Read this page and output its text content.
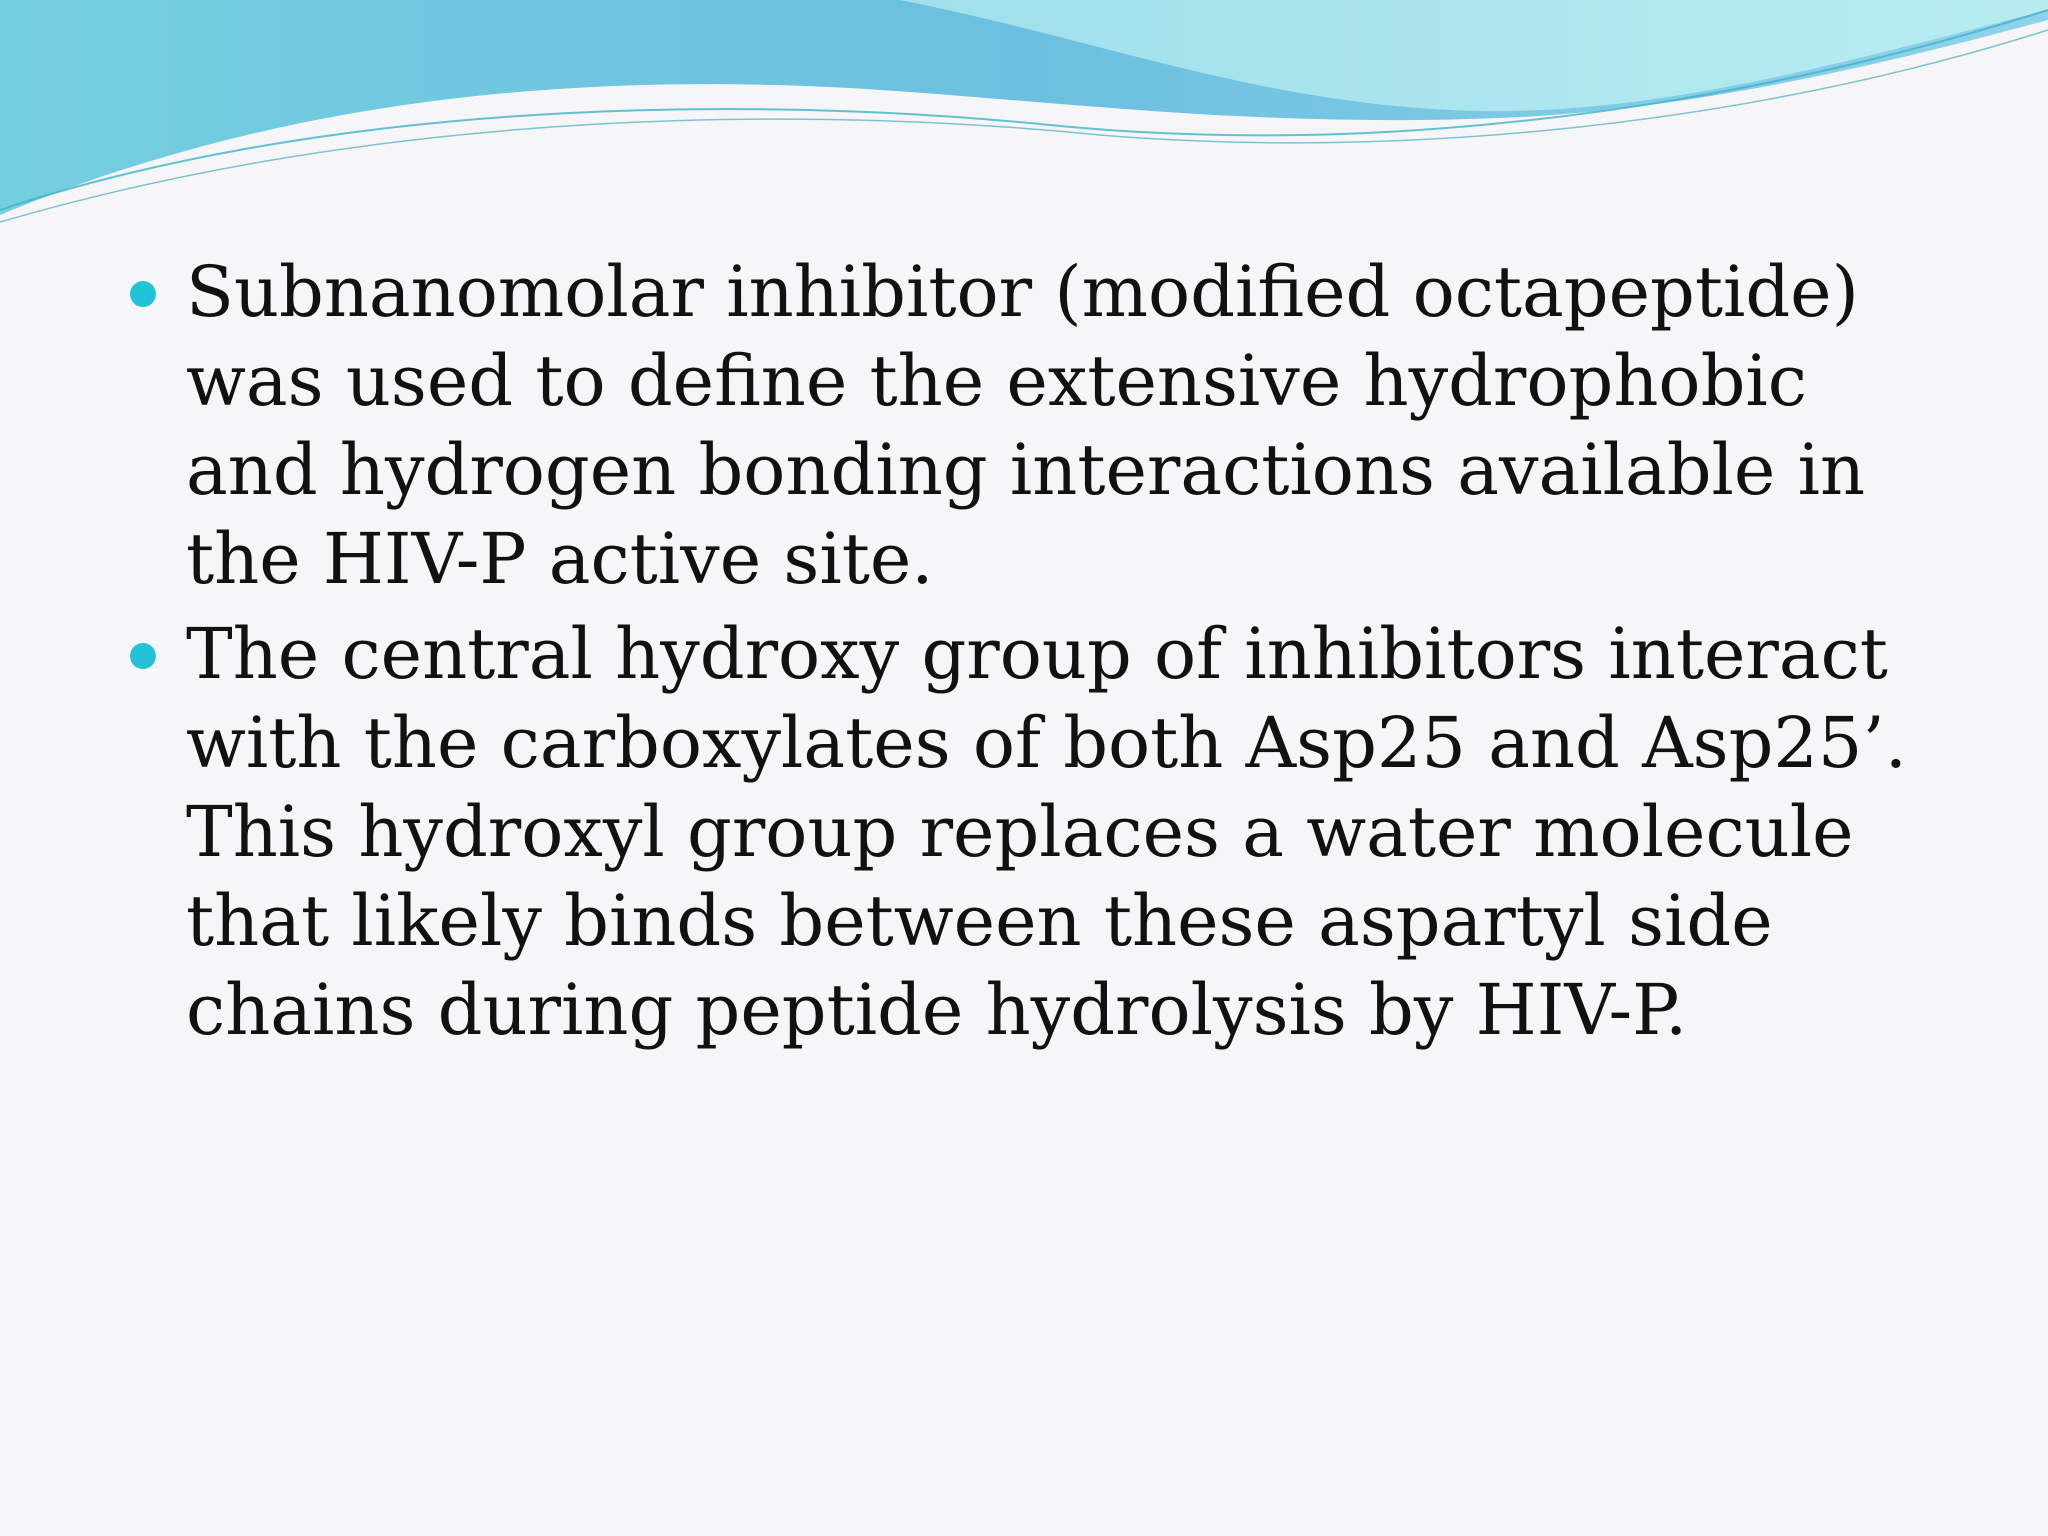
Subnanomolar inhibitor (modified octapeptide) was used to define the extensive hydrophobic and hydrogen bonding interactions available in the HIV-P active site.
The central hydroxy group of inhibitors interact with the carboxylates of both Asp25 and Asp25’. This hydroxyl group replaces a water molecule that likely binds between these aspartyl side chains during peptide hydrolysis by HIV-P.
